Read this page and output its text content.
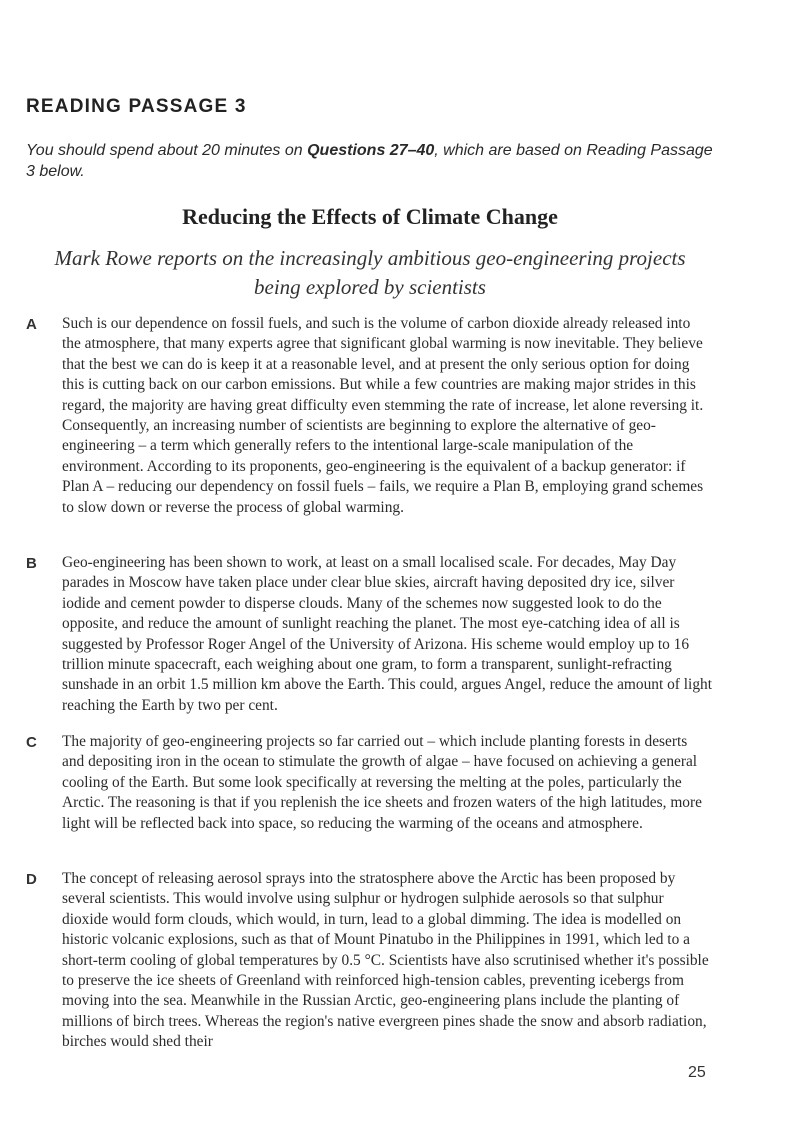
READING PASSAGE 3
You should spend about 20 minutes on Questions 27–40, which are based on Reading Passage 3 below.
Reducing the Effects of Climate Change
Mark Rowe reports on the increasingly ambitious geo-engineering projects being explored by scientists
A Such is our dependence on fossil fuels, and such is the volume of carbon dioxide already released into the atmosphere, that many experts agree that significant global warming is now inevitable. They believe that the best we can do is keep it at a reasonable level, and at present the only serious option for doing this is cutting back on our carbon emissions. But while a few countries are making major strides in this regard, the majority are having great difficulty even stemming the rate of increase, let alone reversing it. Consequently, an increasing number of scientists are beginning to explore the alternative of geo-engineering – a term which generally refers to the intentional large-scale manipulation of the environment. According to its proponents, geo-engineering is the equivalent of a backup generator: if Plan A – reducing our dependency on fossil fuels – fails, we require a Plan B, employing grand schemes to slow down or reverse the process of global warming.
B Geo-engineering has been shown to work, at least on a small localised scale. For decades, May Day parades in Moscow have taken place under clear blue skies, aircraft having deposited dry ice, silver iodide and cement powder to disperse clouds. Many of the schemes now suggested look to do the opposite, and reduce the amount of sunlight reaching the planet. The most eye-catching idea of all is suggested by Professor Roger Angel of the University of Arizona. His scheme would employ up to 16 trillion minute spacecraft, each weighing about one gram, to form a transparent, sunlight-refracting sunshade in an orbit 1.5 million km above the Earth. This could, argues Angel, reduce the amount of light reaching the Earth by two per cent.
C The majority of geo-engineering projects so far carried out – which include planting forests in deserts and depositing iron in the ocean to stimulate the growth of algae – have focused on achieving a general cooling of the Earth. But some look specifically at reversing the melting at the poles, particularly the Arctic. The reasoning is that if you replenish the ice sheets and frozen waters of the high latitudes, more light will be reflected back into space, so reducing the warming of the oceans and atmosphere.
D The concept of releasing aerosol sprays into the stratosphere above the Arctic has been proposed by several scientists. This would involve using sulphur or hydrogen sulphide aerosols so that sulphur dioxide would form clouds, which would, in turn, lead to a global dimming. The idea is modelled on historic volcanic explosions, such as that of Mount Pinatubo in the Philippines in 1991, which led to a short-term cooling of global temperatures by 0.5 °C. Scientists have also scrutinised whether it's possible to preserve the ice sheets of Greenland with reinforced high-tension cables, preventing icebergs from moving into the sea. Meanwhile in the Russian Arctic, geo-engineering plans include the planting of millions of birch trees. Whereas the region's native evergreen pines shade the snow and absorb radiation, birches would shed their
25
